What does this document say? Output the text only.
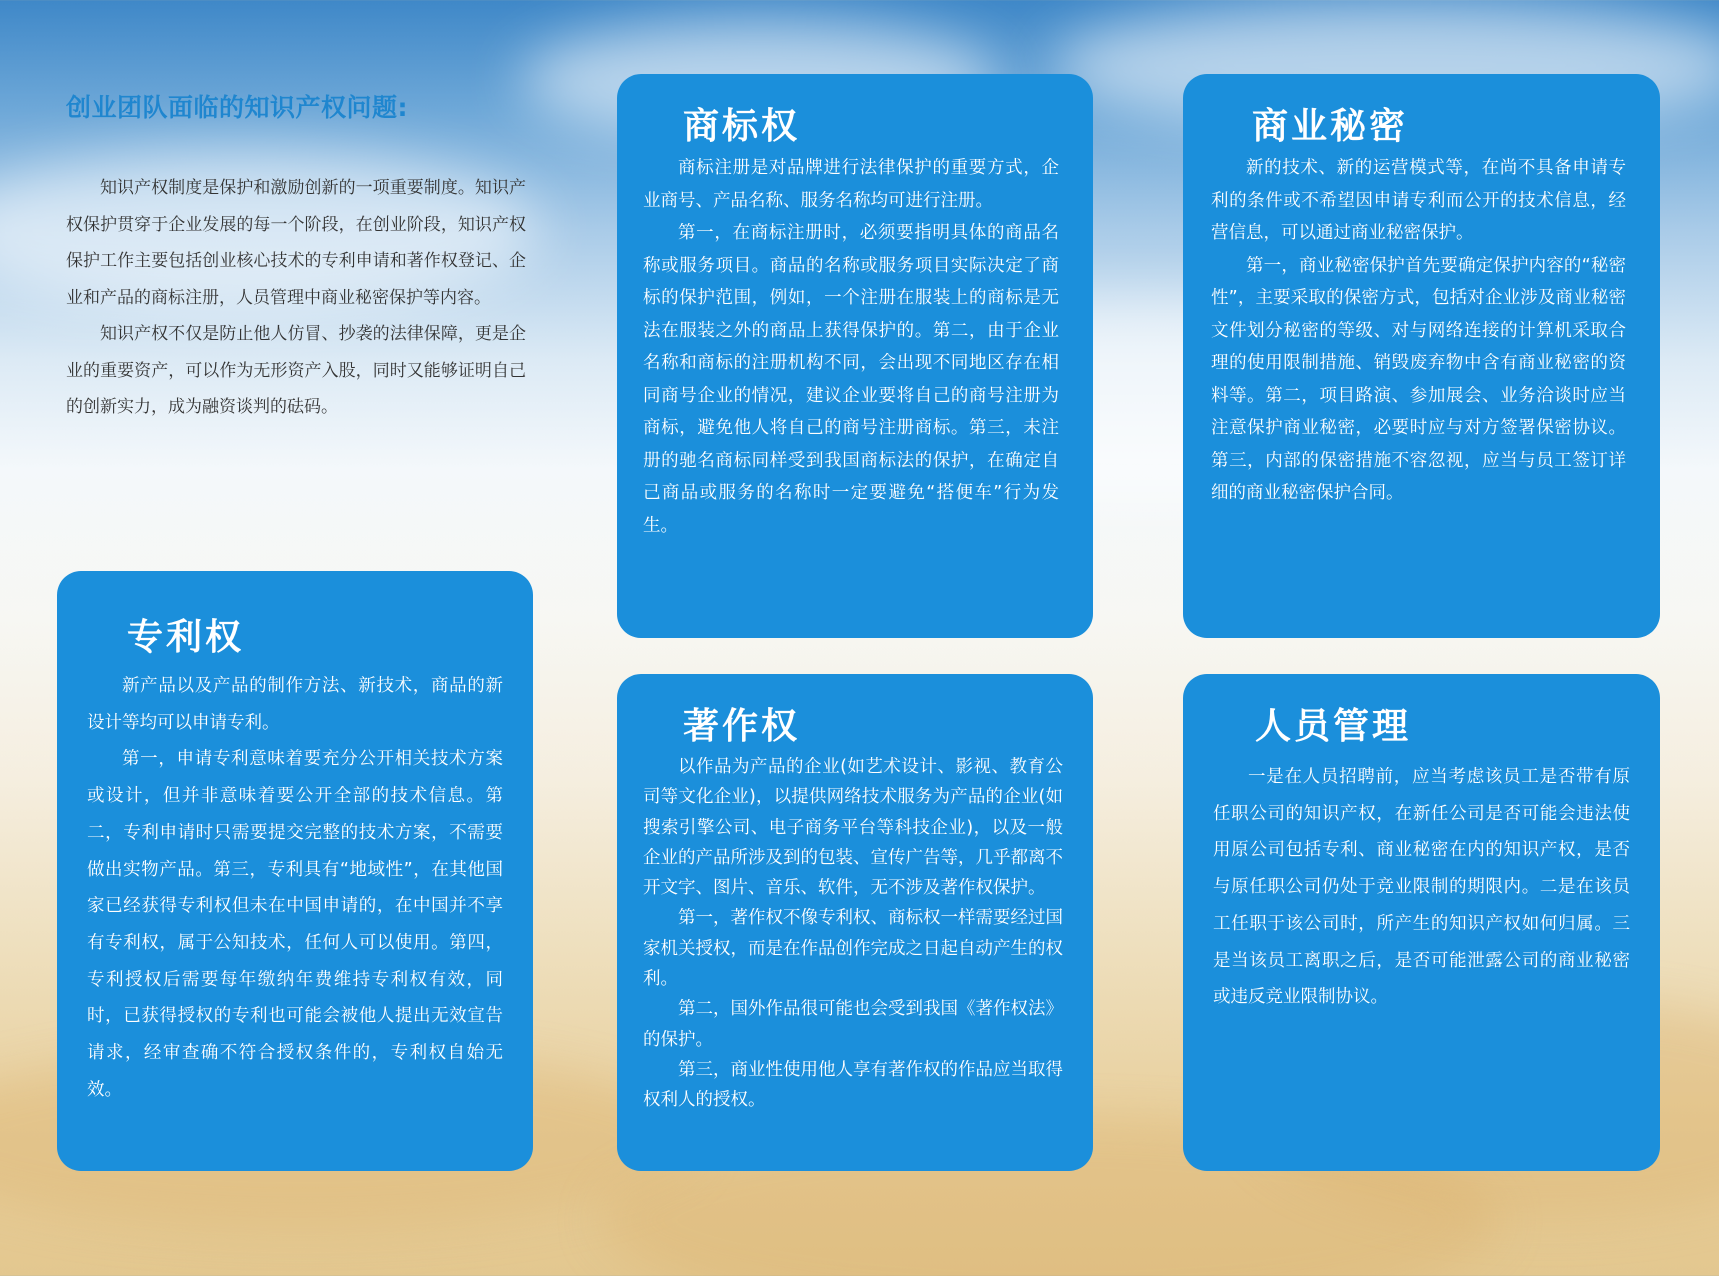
创业团队面临的知识产权问题:

知识产权制度是保护和激励创新的一项重要制度。知识产权保护贯穿于企业发展的每一个阶段，在创业阶段，知识产权保护工作主要包括创业核心技术的专利申请和著作权登记、企业和产品的商标注册，人员管理中商业秘密保护等内容。

知识产权不仅是防止他人仿冒、抄袭的法律保障，更是企业的重要资产，可以作为无形资产入股，同时又能够证明自己的创新实力，成为融资谈判的砝码。

专利权

新产品以及产品的制作方法、新技术，商品的新设计等均可以申请专利。

第一，申请专利意味着要充分公开相关技术方案或设计，但并非意味着要公开全部的技术信息。第二，专利申请时只需要提交完整的技术方案，不需要做出实物产品。第三，专利具有“地域性”，在其他国家已经获得专利权但未在中国申请的，在中国并不享有专利权，属于公知技术，任何人可以使用。第四，专利授权后需要每年缴纳年费维持专利权有效，同时，已获得授权的专利也可能会被他人提出无效宣告请求，经审查确不符合授权条件的，专利权自始无效。

商标权

商标注册是对品牌进行法律保护的重要方式，企业商号、产品名称、服务名称均可进行注册。

第一，在商标注册时，必须要指明具体的商品名称或服务项目。商品的名称或服务项目实际决定了商标的保护范围，例如，一个注册在服装上的商标是无法在服装之外的商品上获得保护的。第二，由于企业名称和商标的注册机构不同，会出现不同地区存在相同商号企业的情况，建议企业要将自己的商号注册为商标，避免他人将自己的商号注册商标。第三，未注册的驰名商标同样受到我国商标法的保护，在确定自己商品或服务的名称时一定要避免“搭便车”行为发生。

商业秘密

新的技术、新的运营模式等，在尚不具备申请专利的条件或不希望因申请专利而公开的技术信息，经营信息，可以通过商业秘密保护。

第一，商业秘密保护首先要确定保护内容的“秘密性”，主要采取的保密方式，包括对企业涉及商业秘密文件划分秘密的等级、对与网络连接的计算机采取合理的使用限制措施、销毁废弃物中含有商业秘密的资料等。第二，项目路演、参加展会、业务洽谈时应当注意保护商业秘密，必要时应与对方签署保密协议。第三，内部的保密措施不容忽视，应当与员工签订详细的商业秘密保护合同。

著作权

以作品为产品的企业(如艺术设计、影视、教育公司等文化企业)，以提供网络技术服务为产品的企业(如搜索引擎公司、电子商务平台等科技企业)，以及一般企业的产品所涉及到的包装、宣传广告等，几乎都离不开文字、图片、音乐、软件，无不涉及著作权保护。

第一，著作权不像专利权、商标权一样需要经过国家机关授权，而是在作品创作完成之日起自动产生的权利。

第二，国外作品很可能也会受到我国《著作权法》的保护。

第三，商业性使用他人享有著作权的作品应当取得权利人的授权。

人员管理

一是在人员招聘前，应当考虑该员工是否带有原任职公司的知识产权，在新任公司是否可能会违法使用原公司包括专利、商业秘密在内的知识产权，是否与原任职公司仍处于竞业限制的期限内。二是在该员工任职于该公司时，所产生的知识产权如何归属。三是当该员工离职之后，是否可能泄露公司的商业秘密或违反竞业限制协议。
